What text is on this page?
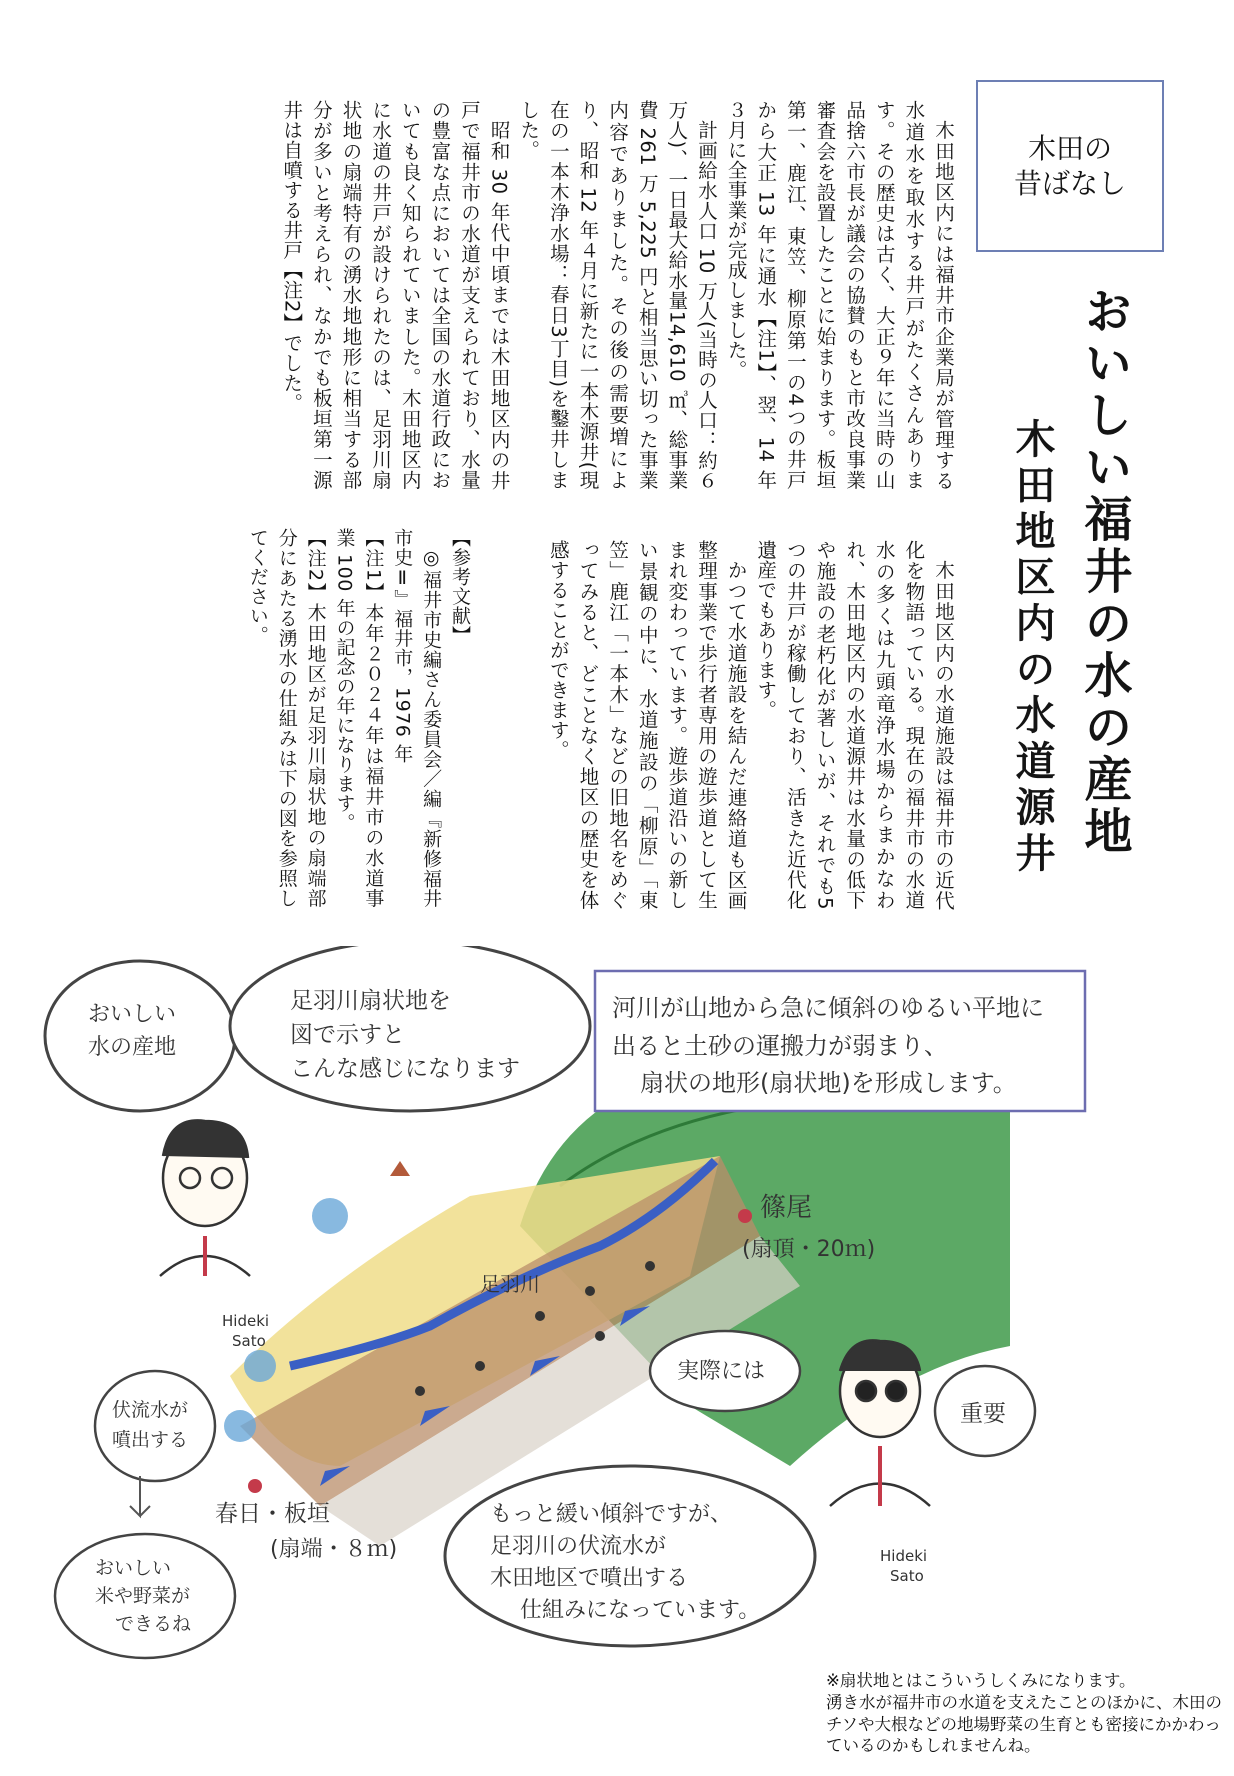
木田の
昔ばなし
おいしい福井の水の産地
木田地区内の水道源井

木田地区内には福井市企業局が管理する水道水を取水する井戸がたくさんあります。その歴史は古く、大正９年に当時の山品捨六市長が議会の協賛のもと市改良事業審査会を設置したことに始まります。板垣第一、鹿江、東笠、柳原第一の4つの井戸から大正 13 年に通水【注1】、翌、14 年３月に全事業が完成しました。

計画給水人口 10 万人(当時の人口：約６万人)、一日最大給水量14,610 ㎥、総事業費 261 万 5,225 円と相当思い切った事業内容でありました。その後の需要増により、昭和 12 年４月に新たに一本木源井(現在の一本木浄水場：春日3丁目)を鑿井しました。

昭和 30 年代中頃までは木田地区内の井戸で福井市の水道が支えられており、水量の豊富な点においては全国の水道行政においても良く知られていました。木田地区内に水道の井戸が設けられたのは、足羽川扇状地の扇端特有の湧水地地形に相当する部分が多いと考えられ、なかでも板垣第一源井は自噴する井戸【注2】でした。

木田地区内の水道施設は福井市の近代化を物語っている。現在の福井市の水道水の多くは九頭竜浄水場からまかなわれ、木田地区内の水道源井は水量の低下や施設の老朽化が著しいが、それでも5つの井戸が稼働しており、活きた近代化遺産でもあります。

かつて水道施設を結んだ連絡道も区画整理事業で歩行者専用の遊歩道として生まれ変わっています。遊歩道沿いの新しい景観の中に、水道施設の「柳原」「東笠」鹿江「一本木」などの旧地名をめぐってみると、どことなく地区の歴史を体感することができます。

【参考文献】

◎福井市史編さん委員会／編『新修福井市史Ⅱ』福井市，1976 年

【注1】本年２０２４年は福井市の水道事業 100 年の記念の年になります。

【注2】木田地区が足羽川扇状地の扇端部分にあたる湧水の仕組みは下の図を参照してください。

おいしい
水の産地
足羽川扇状地を
図で示すと
こんな感じになります
河川が山地から急に傾斜のゆるい平地に
出ると土砂の運搬力が弱まり、
扇状の地形(扇状地)を形成します。
篠尾
(扇頂・20ｍ)
足羽川
Hideki
Sato
伏流水が
噴出する
春日・板垣
(扇端・８ｍ)
実際には
重要
Hideki
Sato
もっと緩い傾斜ですが、
足羽川の伏流水が
木田地区で噴出する
仕組みになっています。
おいしい
米や野菜が
できるね

※扇状地とはこういうしくみになります。

湧き水が福井市の水道を支えたことのほかに、木田のチソや大根などの地場野菜の生育とも密接にかかわっているのかもしれませんね。
